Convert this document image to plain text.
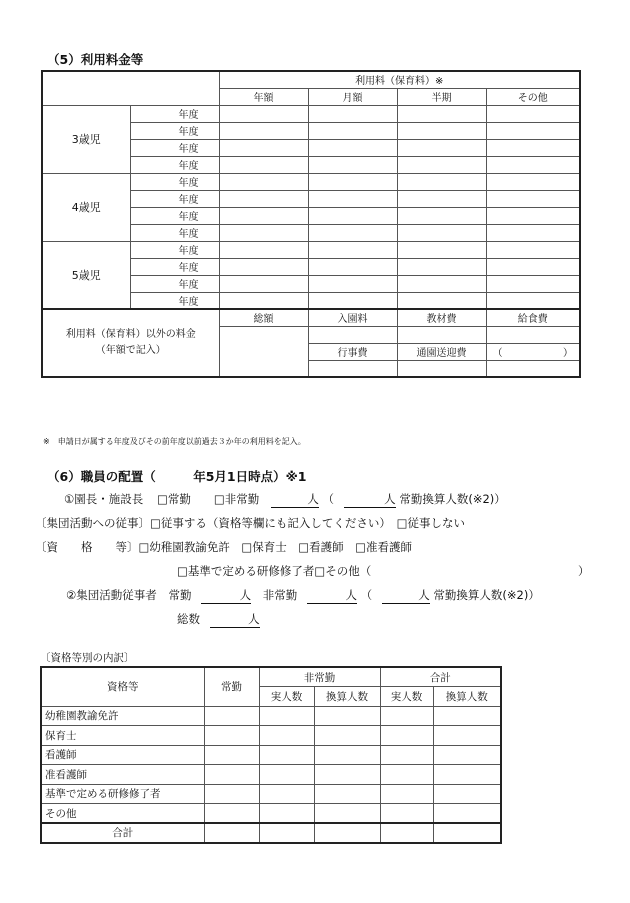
（5）利用料金等
		利用料（保育料）※			
		年額	月額	半期	その他
3歳児	年度				
	年度				
	年度				
	年度				
4歳児	年度				
	年度				
	年度				
	年度				
5歳児	年度				
	年度				
	年度				
	年度				

利用料（保育料）以外の料金
（年額で記入）		総額	入園料	教材費	給食費

			行事費	通園送迎費	（ ）

※　申請日が属する年度及びその前年度以前過去３か年の利用料を記入。
（6）職員の配置（　　　年5月1日時点）※1
①園長・施設長 □常勤　　□非常勤	人 （	人 常勤換算人数(※2)）
〔集団活動への従事〕□従事する（資格等欄にも記入してください）　□従事しない
〔資　　格　　等〕□幼稚園教諭免許　□保育士　□看護師　□准看護師
□基準で定める研修修了者□その他（	）
②集団活動従事者 常勤	人 非常勤	人 （	人 常勤換算人数(※2)）
総数	人
〔資格等別の内訳〕
資格等	常勤	非常勤		合計	
		実人数	換算人数	実人数	換算人数
幼稚園教諭免許					
保育士					
看護師					
准看護師					
基準で定める研修修了者					
その他					
合計					
